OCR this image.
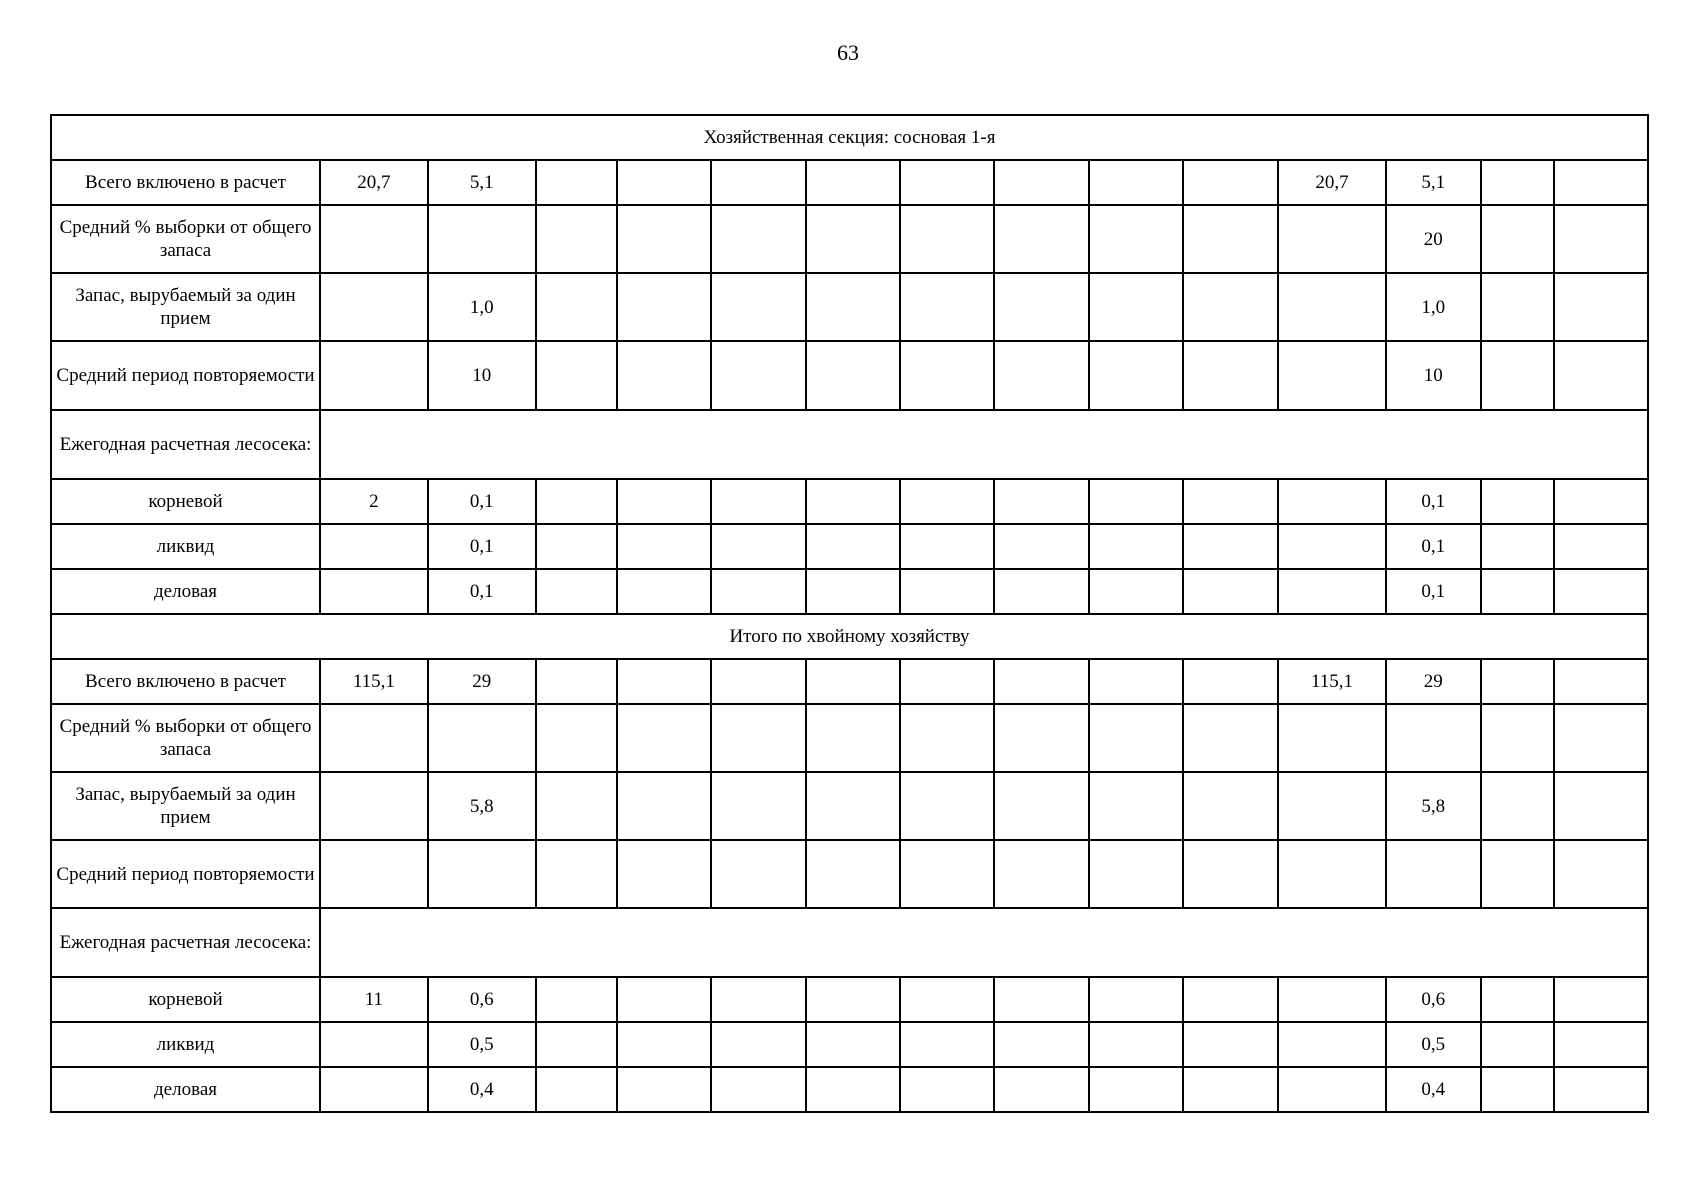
63
Хозяйственная секция: сосновая 1-я														
Всего включено в расчет	20,7	5,1									20,7	5,1		
Средний % выборки от общего запаса												20		
Запас, вырубаемый за один прием		1,0										1,0		
Средний период повторяемости		10										10		
Ежегодная расчетная лесосека:														
корневой	2	0,1										0,1		
ликвид		0,1										0,1		
деловая		0,1										0,1		
Итого по хвойному хозяйству														
Всего включено в расчет	115,1	29									115,1	29		
Средний % выборки от общего запаса														
Запас, вырубаемый за один прием		5,8										5,8		
Средний период повторяемости														
Ежегодная расчетная лесосека:														
корневой	11	0,6										0,6		
ликвид		0,5										0,5		
деловая		0,4										0,4		
